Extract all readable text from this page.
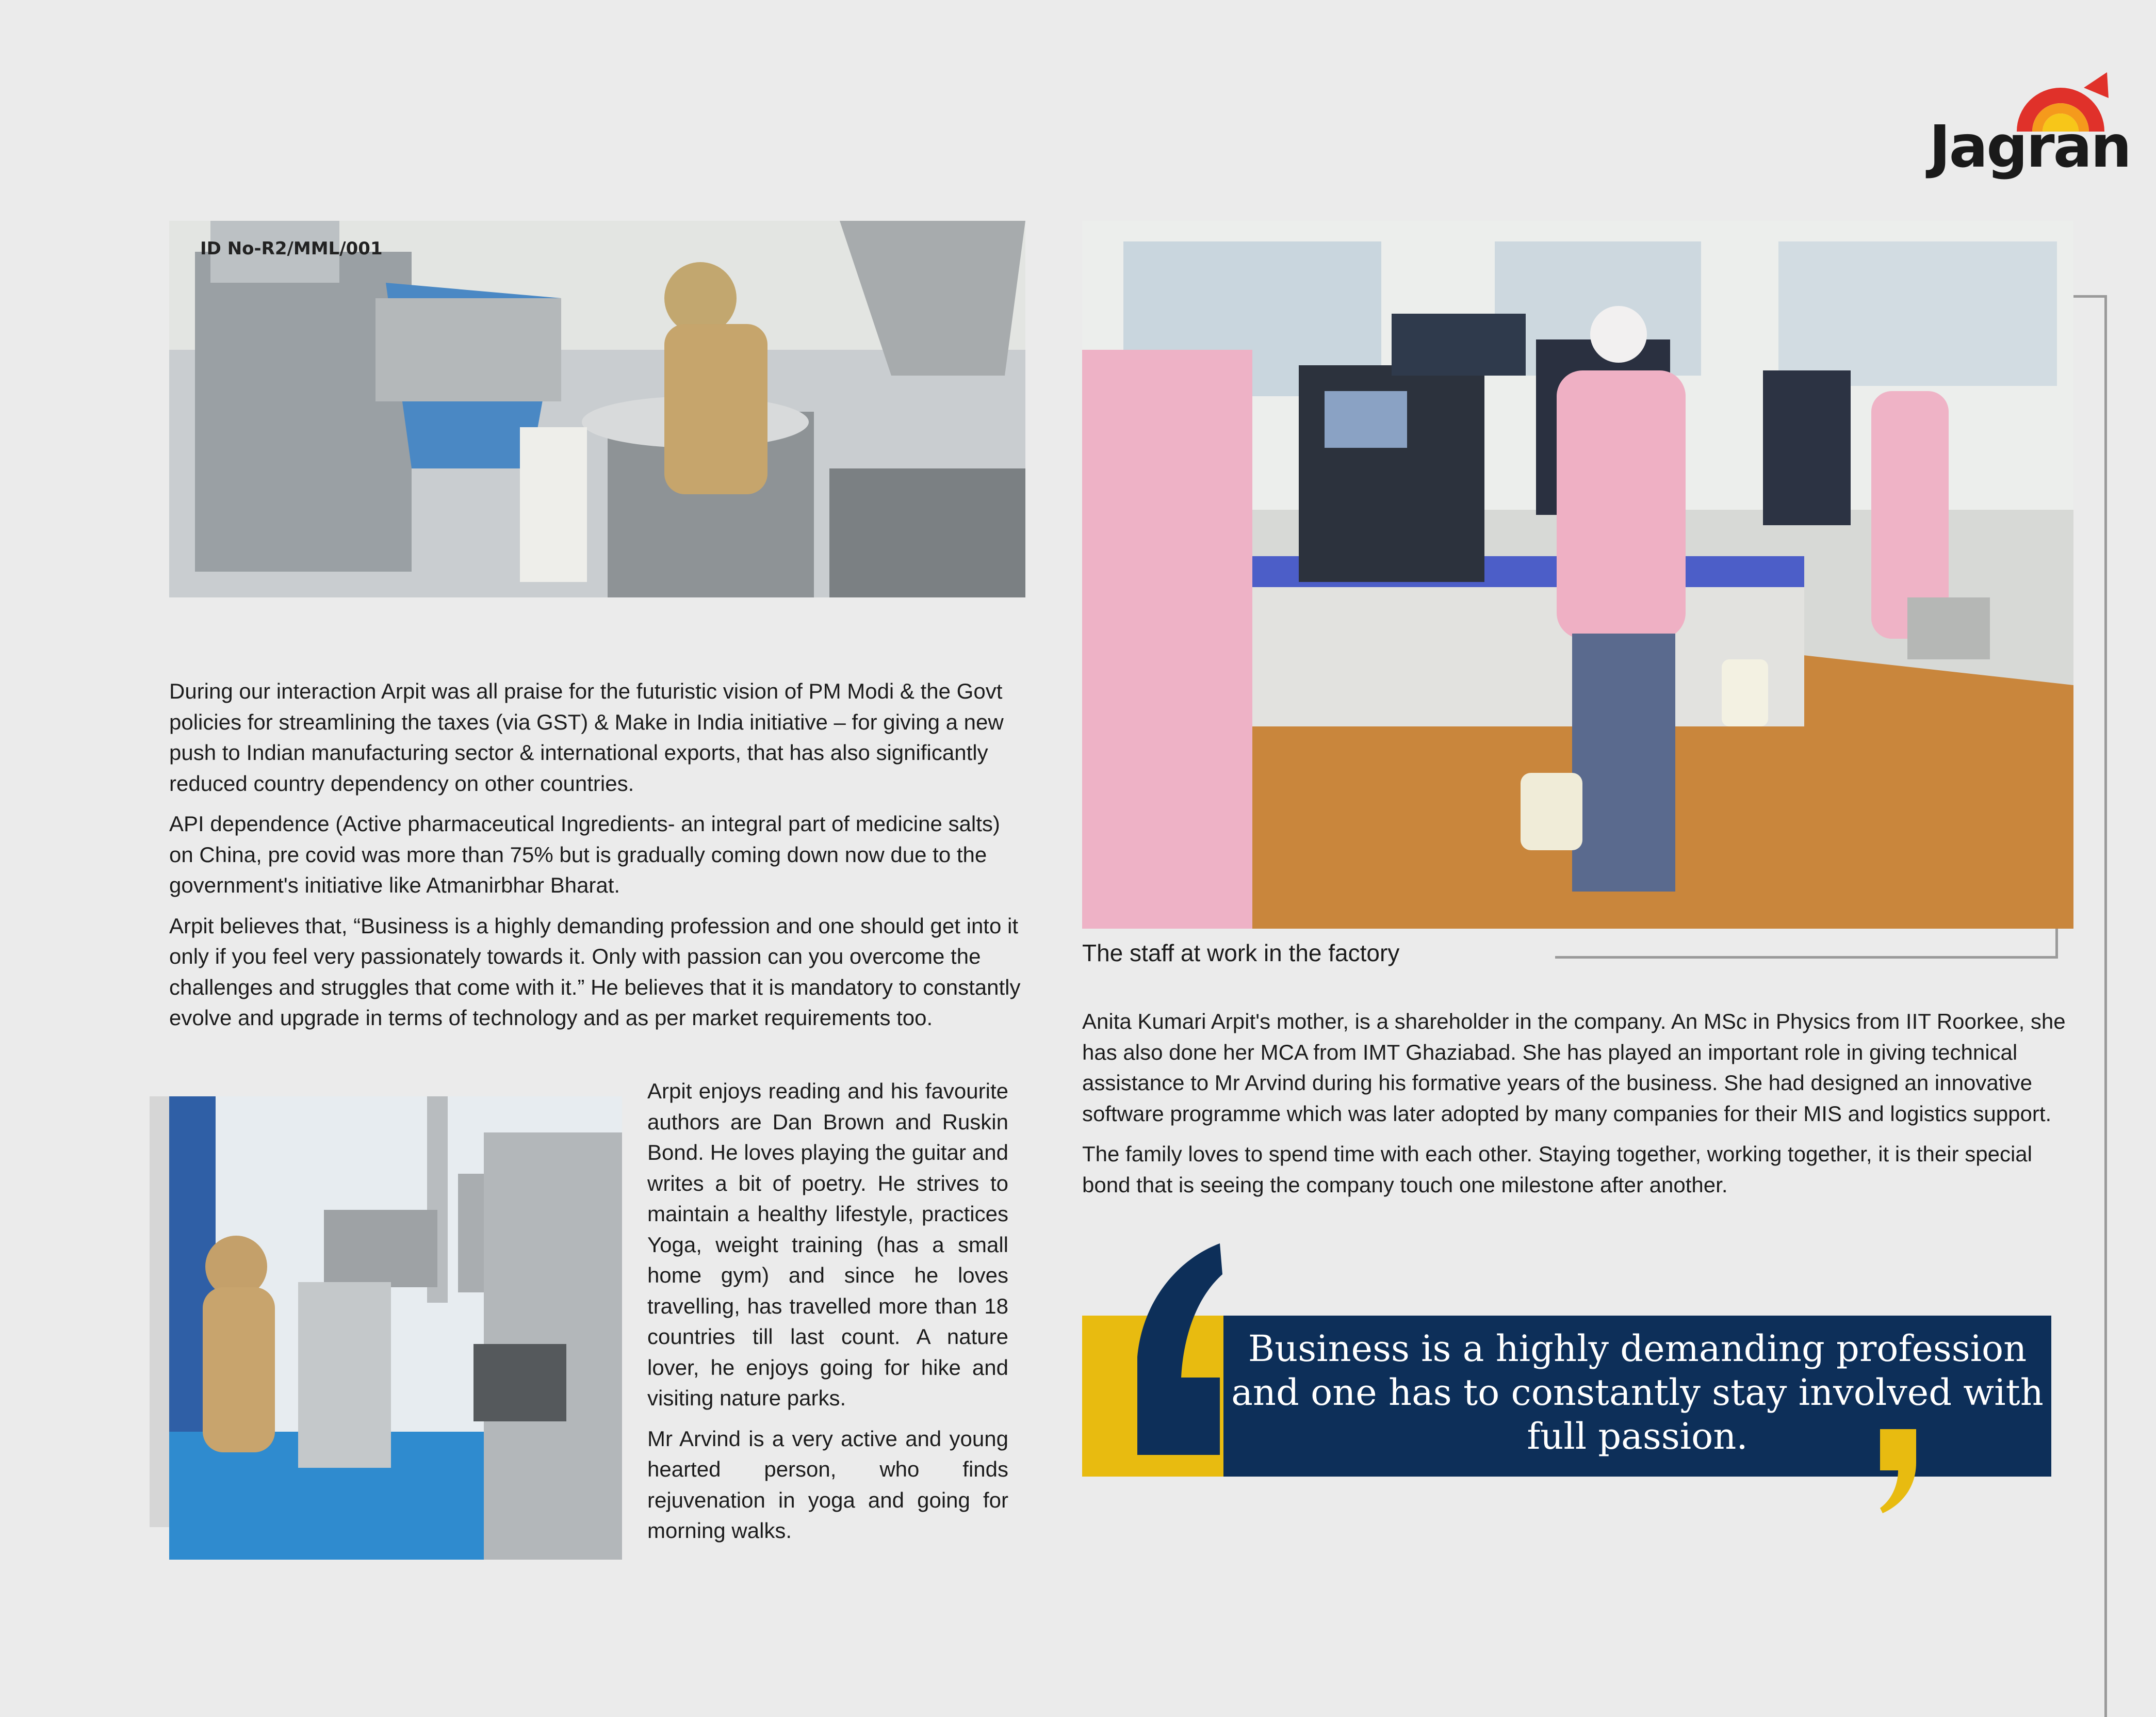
Jagran
ID No-R2/MML/001

During our interaction Arpit was all praise for the futuristic vision of PM Modi & the Govt policies for streamlining the taxes (via GST) & Make in India initiative – for giving a new push to Indian manufacturing sector & international exports, that has also significantly reduced country dependency on other countries.

API dependence (Active pharmaceutical Ingredients- an integral part of medicine salts) on China, pre covid was more than 75% but is gradually coming down now due to the government's initiative like Atmanirbhar Bharat.

Arpit believes that, “Business is a highly demanding profession and one should get into it only if you feel very passionately towards it. Only with passion can you overcome the challenges and struggles that come with it.” He believes that it is mandatory to constantly evolve and upgrade in terms of technology and as per market requirements too.

Arpit enjoys reading and his favourite authors are Dan Brown and Ruskin Bond. He loves playing the guitar and writes a bit of poetry. He strives to maintain a healthy lifestyle, practices Yoga, weight training (has a small home gym) and since he loves travelling, has travelled more than 18 countries till last count. A nature lover, he enjoys going for hike and visiting nature parks.

Mr Arvind is a very active and young hearted person, who finds rejuvenation in yoga and going for morning walks.

The staff at work in the factory

Anita Kumari Arpit's mother, is a shareholder in the company. An MSc in Physics from IIT Roorkee, she has also done her MCA from IMT Ghaziabad. She has played an important role in giving technical assistance to Mr Arvind during his formative years of the business. She had designed an innovative software programme which was later adopted by many companies for their MIS and logistics support.

The family loves to spend time with each other. Staying together, working together, it is their special bond that is seeing the company touch one milestone after another.

Business is a highly demanding profession and one has to constantly stay involved with full passion.
